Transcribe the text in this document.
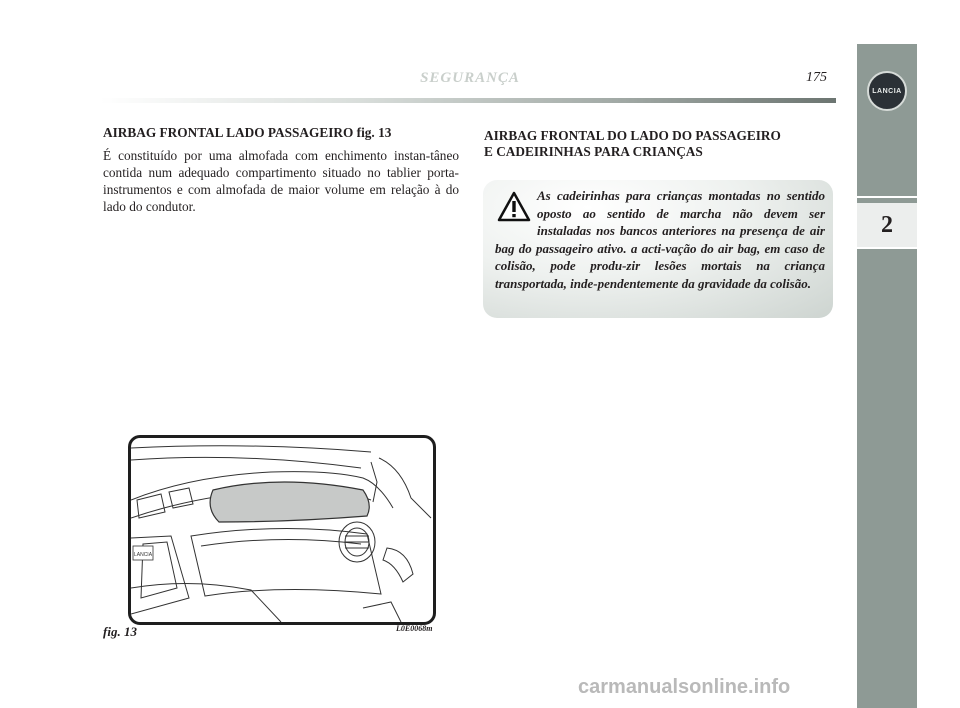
SEGURANÇA	175
LANCIA
2

AIRBAG FRONTAL LADO PASSAGEIRO fig. 13

É constituído por uma almofada com enchimento instan-tâneo contida num adequado compartimento situado no tablier porta-instrumentos e com almofada de maior volume em relação à do lado do condutor.

AIRBAG FRONTAL DO LADO DO PASSAGEIRO
E CADEIRINHAS PARA CRIANÇAS

As cadeirinhas para crianças montadas no sentido oposto ao sentido de marcha não devem ser instaladas nos bancos anteriores na presença de air bag do passageiro ativo. a acti-vação do air bag, em caso de colisão, pode produ-zir lesões mortais na criança transportada, inde-pendentemente da gravidade da colisão.
LANCIA
fig. 13	L0E0068m
carmanualsonline.info
